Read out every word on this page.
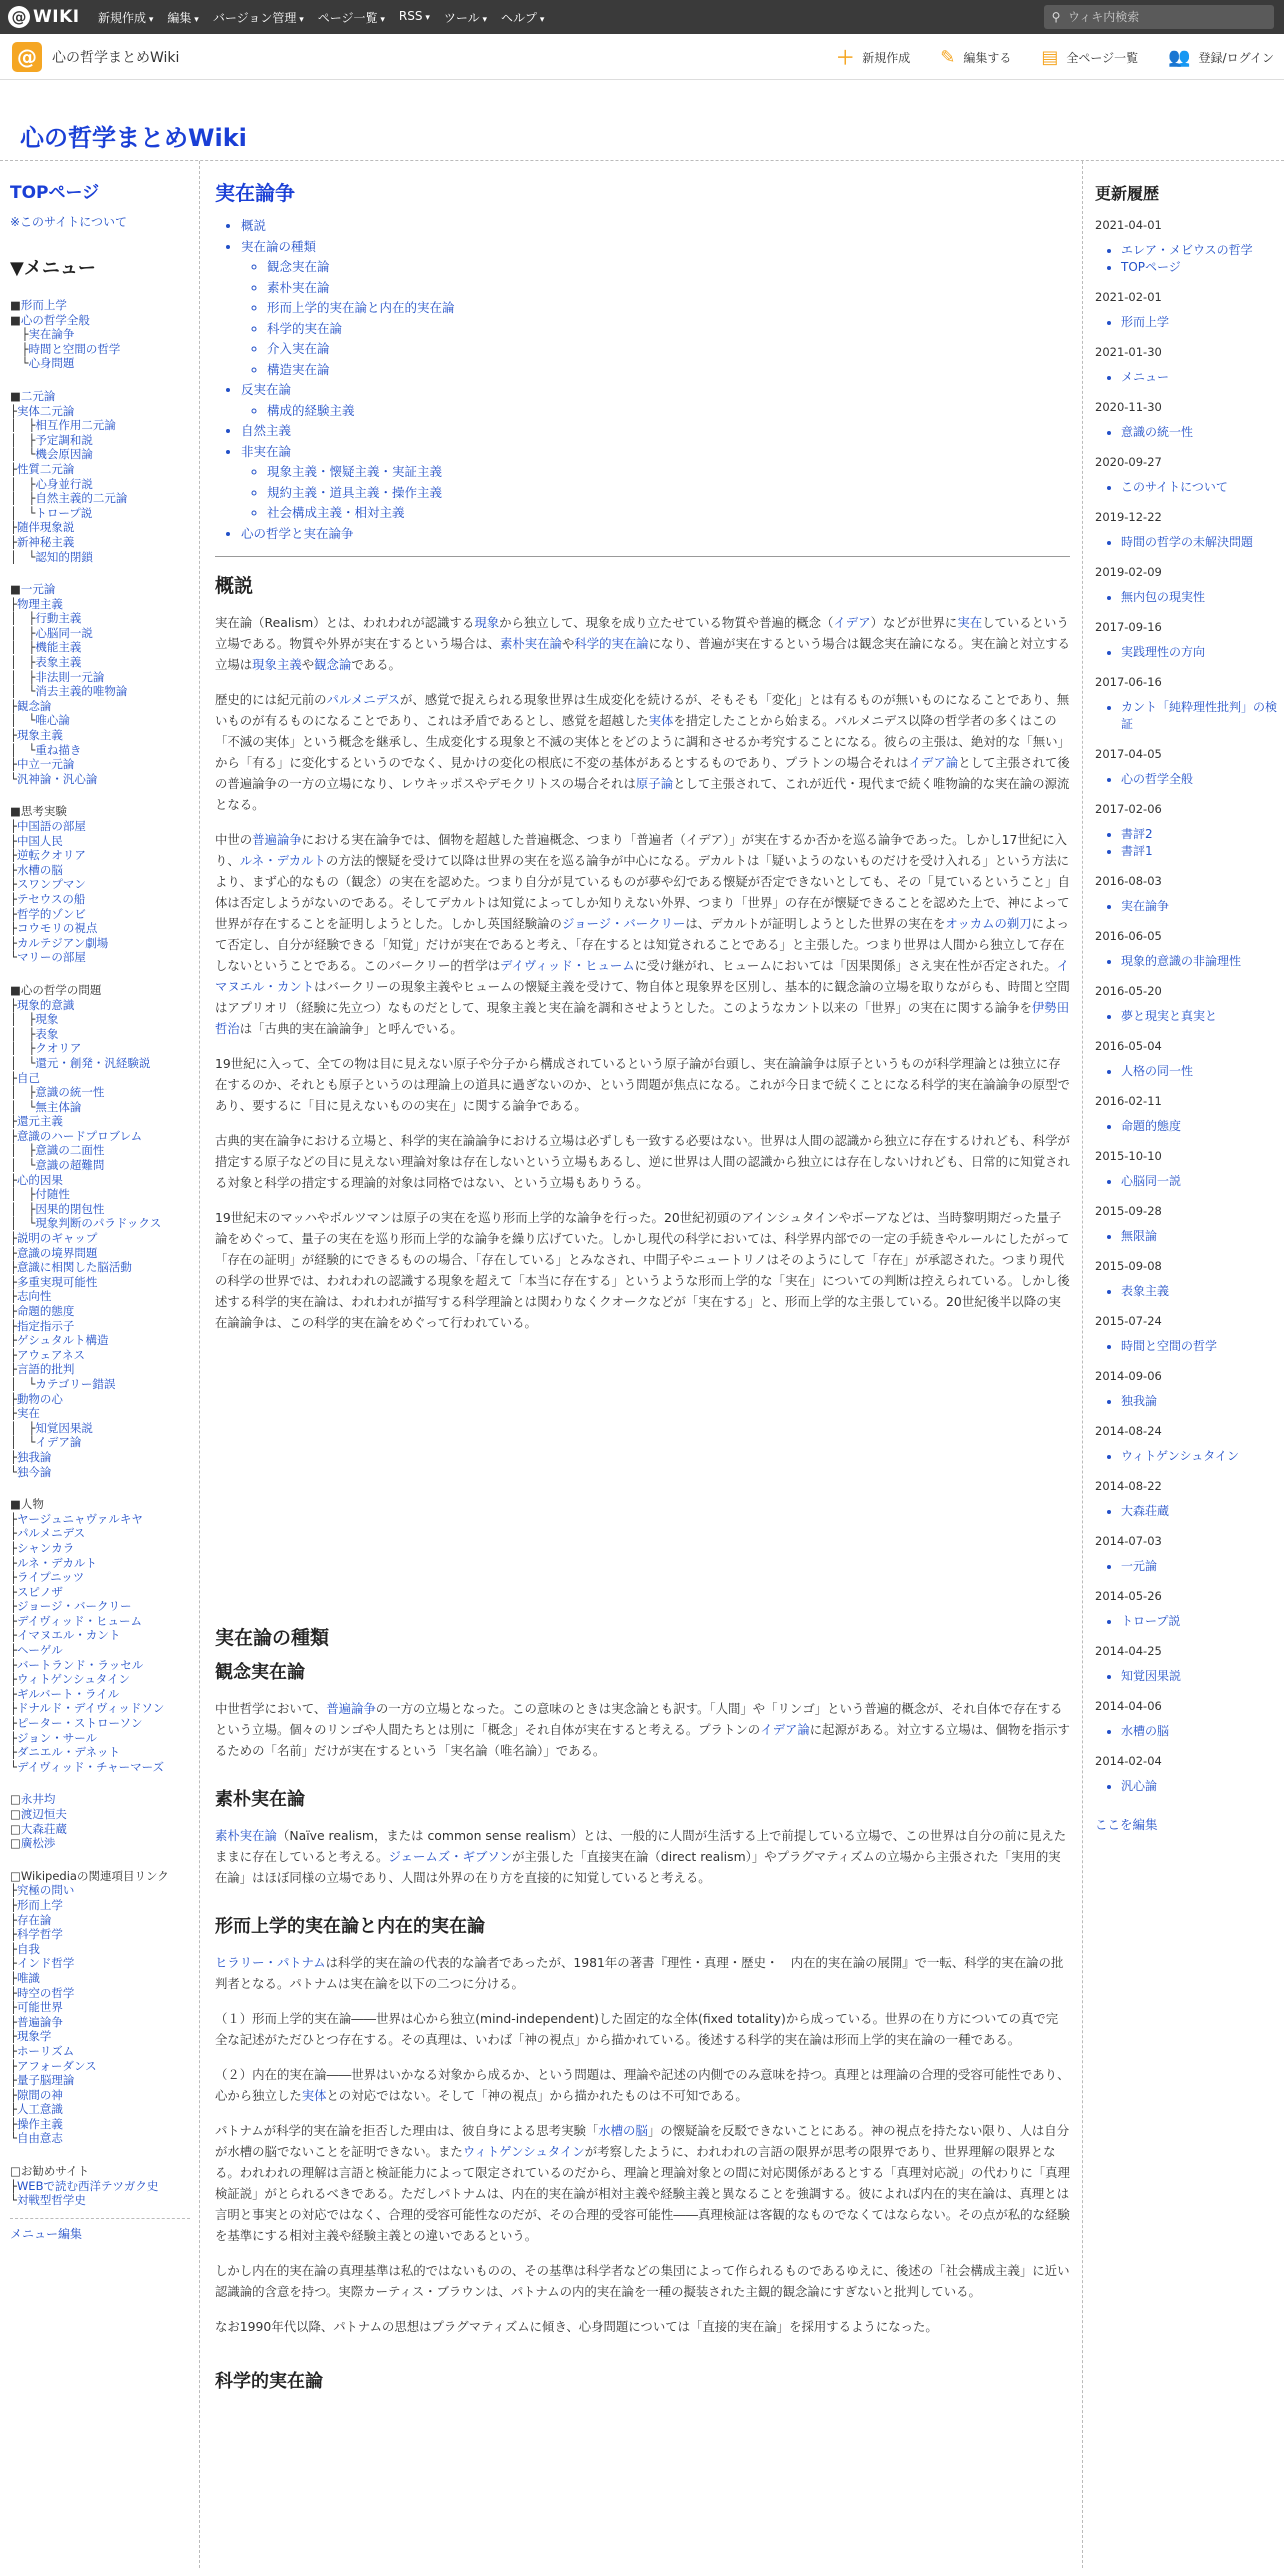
@ WIKI 新規作成 ▾	編集 ▾	バージョン管理 ▾	ページ一覧 ▾	RSS ▾	ツール ▾	ヘルプ ▾	⚲
ウィキ内検索
@	心の哲学まとめWiki	＋ 新規作成 ✎ 編集する ▤ 全ページ一覧 👥 登録/ログイン
心の哲学まとめWiki
TOPページ
※このサイトについて
▼メニュー
■形而上学
■心の哲学全般
　├実在論争
　├時間と空間の哲学
　└心身問題
■二元論
├実体二元論
│　├相互作用二元論
│　├予定調和説
│　└機会原因論
├性質二元論
│　├心身並行説
│　├自然主義的二元論
│　└トロープ説
├随伴現象説
├新神秘主義
│　└認知的閉鎖
■一元論
├物理主義
│　├行動主義
│　├心脳同一説
│　├機能主義
│　├表象主義
│　├非法則一元論
│　└消去主義的唯物論
├観念論
│　└唯心論
├現象主義
│　└重ね描き
├中立一元論
└汎神論・汎心論
■思考実験
├中国語の部屋
├中国人民
├逆転クオリア
├水槽の脳
├スワンプマン
├テセウスの船
├哲学的ゾンビ
├コウモリの視点
├カルテジアン劇場
└マリーの部屋
■心の哲学の問題
├現象的意識
│　├現象
│　├表象
│　├クオリア
│　└還元・創発・汎経験説
├自己
│　├意識の統一性
│　└無主体論
├還元主義
├意識のハードプロブレム
│　├意識の二面性
│　└意識の超難問
├心的因果
│　├付随性
│　├因果的閉包性
│　└現象判断のパラドックス
├説明のギャップ
├意識の境界問題
├意識に相関した脳活動
├多重実現可能性
├志向性
├命題的態度
├指定指示子
├ゲシュタルト構造
├アウェアネス
├言語的批判
│　└カテゴリー錯誤
├動物の心
├実在
│　├知覚因果説
│　└イデア論
├独我論
└独今論
■人物
├ヤージュニャヴァルキヤ
├パルメニデス
├シャンカラ
├ルネ・デカルト
├ライプニッツ
├スピノザ
├ジョージ・バークリー
├デイヴィッド・ヒューム
├イマヌエル・カント
├ヘーゲル
├バートランド・ラッセル
├ウィトゲンシュタイン
├ギルバート・ライル
├ドナルド・デイヴィッドソン
├ピーター・ストローソン
├ジョン・サール
├ダニエル・デネット
└デイヴィッド・チャーマーズ
□永井均
□渡辺恒夫
□大森荘蔵
□廣松渉
□Wikipediaの関連項目リンク
├究極の問い
├形而上学
├存在論
├科学哲学
├自我
├インド哲学
├唯識
├時空の哲学
├可能世界
├普遍論争
├現象学
├ホーリズム
├アフォーダンス
├量子脳理論
├隙間の神
├人工意識
├操作主義
└自由意志
□お勧めサイト
├WEBで読む西洋テツガク史
└対戦型哲学史
メニュー編集
実在論争
• 概説
• 実在論の種類
◦ 観念実在論
◦ 素朴実在論
◦ 形而上学的実在論と内在的実在論
◦ 科学的実在論
◦ 介入実在論
◦ 構造実在論
• 反実在論
◦ 構成的経験主義
• 自然主義
• 非実在論
◦ 現象主義・懐疑主義・実証主義
◦ 規約主義・道具主義・操作主義
◦ 社会構成主義・相対主義
• 心の哲学と実在論争
概説
実在論（Realism）とは、われわれが認識する現象から独立して、現象を成り立たせている物質や普遍的概念（イデア）などが世界に実在しているという立場である。物質や外界が実在するという場合は、素朴実在論や科学的実在論になり、普遍が実在するという場合は観念実在論になる。実在論と対立する立場は現象主義や観念論である。
歴史的には紀元前のパルメニデスが、感覚で捉えられる現象世界は生成変化を続けるが、そもそも「変化」とは有るものが無いものになることであり、無いものが有るものになることであり、これは矛盾であるとし、感覚を超越した実体を措定したことから始まる。パルメニデス以降の哲学者の多くはこの「不滅の実体」という概念を継承し、生成変化する現象と不滅の実体とをどのように調和させるか考究することになる。彼らの主張は、絶対的な「無い」から「有る」に変化するというのでなく、見かけの変化の根底に不変の基体があるとするものであり、プラトンの場合それはイデア論として主張されて後の普遍論争の一方の立場になり、レウキッポスやデモクリトスの場合それは原子論として主張されて、これが近代・現代まで続く唯物論的な実在論の源流となる。
中世の普遍論争における実在論争では、個物を超越した普遍概念、つまり「普遍者（イデア）」が実在するか否かを巡る論争であった。しかし17世紀に入り、ルネ・デカルトの方法的懐疑を受けて以降は世界の実在を巡る論争が中心になる。デカルトは「疑いようのないものだけを受け入れる」という方法により、まず心的なもの（観念）の実在を認めた。つまり自分が見ているものが夢や幻である懐疑が否定できないとしても、その「見ているということ」自体は否定しようがないのである。そしてデカルトは知覚によってしか知りえない外界、つまり「世界」の存在が懐疑できることを認めた上で、神によって世界が存在することを証明しようとした。しかし英国経験論のジョージ・バークリーは、デカルトが証明しようとした世界の実在をオッカムの剃刀によって否定し、自分が経験できる「知覚」だけが実在であると考え、「存在するとは知覚されることである」と主張した。つまり世界は人間から独立して存在しないということである。このバークリー的哲学はデイヴィッド・ヒュームに受け継がれ、ヒュームにおいては「因果関係」さえ実在性が否定された。イマヌエル・カントはバークリーの現象主義やヒュームの懐疑主義を受けて、物自体と現象界を区別し、基本的に観念論の立場を取りながらも、時間と空間はアプリオリ（経験に先立つ）なものだとして、現象主義と実在論を調和させようとした。このようなカント以来の「世界」の実在に関する論争を伊勢田哲治は「古典的実在論論争」と呼んでいる。
19世紀に入って、全ての物は目に見えない原子や分子から構成されているという原子論が台頭し、実在論論争は原子というものが科学理論とは独立に存在するのか、それとも原子というのは理論上の道具に過ぎないのか、という問題が焦点になる。これが今日まで続くことになる科学的実在論論争の原型であり、要するに「目に見えないものの実在」に関する論争である。
古典的実在論争における立場と、科学的実在論論争における立場は必ずしも一致する必要はない。世界は人間の認識から独立に存在するけれども、科学が措定する原子などの目に見えない理論対象は存在しないという立場もあるし、逆に世界は人間の認識から独立には存在しないけれども、日常的に知覚される対象と科学の措定する理論的対象は同格ではない、という立場もありうる。
19世紀末のマッハやボルツマンは原子の実在を巡り形而上学的な論争を行った。20世紀初頭のアインシュタインやボーアなどは、当時黎明期だった量子論をめぐって、量子の実在を巡り形而上学的な論争を繰り広げていた。しかし現代の科学においては、科学界内部での一定の手続きやルールにしたがって「存在の証明」が経験的にできるものの場合、「存在している」とみなされ、中間子やニュートリノはそのようにして「存在」が承認された。つまり現代の科学の世界では、われわれの認識する現象を超えて「本当に存在する」というような形而上学的な「実在」についての判断は控えられている。しかし後述する科学的実在論は、われわれが描写する科学理論とは関わりなくクオークなどが「実在する」と、形而上学的な主張している。20世紀後半以降の実在論論争は、この科学的実在論をめぐって行われている。
実在論の種類
観念実在論
中世哲学において、普遍論争の一方の立場となった。この意味のときは実念論とも訳す。「人間」や「リンゴ」という普遍的概念が、それ自体で存在するという立場。個々のリンゴや人間たちとは別に「概念」それ自体が実在すると考える。プラトンのイデア論に起源がある。対立する立場は、個物を指示するための「名前」だけが実在するという「実名論（唯名論）」である。
素朴実在論
素朴実在論（Naï‍ve realism，または common sense realism）とは、一般的に人間が生活する上で前提している立場で、この世界は自分の前に見えたままに存在していると考える。ジェームズ・ギブソンが主張した「直接実在論（direct realism）」やプラグマティズムの立場から主張された「実用的実在論」はほぼ同様の立場であり、人間は外界の在り方を直接的に知覚していると考える。
形而上学的実在論と内在的実在論
ヒラリー・パトナムは科学的実在論の代表的な論者であったが、1981年の著書『理性・真理・歴史・　内在的実在論の展開』で一転、科学的実在論の批判者となる。パトナムは実在論を以下の二つに分ける。
（１）形而上学的実在論――世界は心から独立(mind-independent)した固定的な全体(fixed totality)から成っている。世界の在り方についての真で完全な記述がただひとつ存在する。その真理は、いわば「神の視点」から描かれている。後述する科学的実在論は形而上学的実在論の一種である。
（２）内在的実在論――世界はいかなる対象から成るか、という問題は、理論や記述の内側でのみ意味を持つ。真理とは理論の合理的受容可能性であり、心から独立した実体との対応ではない。そして「神の視点」から描かれたものは不可知である。
パトナムが科学的実在論を拒否した理由は、彼自身による思考実験「水槽の脳」の懐疑論を反駁できないことにある。神の視点を持たない限り、人は自分が水槽の脳でないことを証明できない。またウィトゲンシュタインが考察したように、われわれの言語の限界が思考の限界であり、世界理解の限界となる。われわれの理解は言語と検証能力によって限定されているのだから、理論と理論対象との間に対応関係があるとする「真理対応説」の代わりに「真理検証説」がとられるべきである。ただしパトナムは、内在的実在論が相対主義や経験主義と異なることを強調する。彼によれば内在的実在論は、真理とは言明と事実との対応ではなく、合理的受容可能性なのだが、その合理的受容可能性――真理検証は客観的なものでなくてはならない。その点が私的な経験を基準にする相対主義や経験主義との違いであるという。
しかし内在的実在論の真理基準は私的ではないものの、その基準は科学者などの集団によって作られるものであるゆえに、後述の「社会構成主義」に近い認識論的含意を持つ。実際カーティス・ブラウンは、パトナムの内的実在論を一種の擬装された主観的観念論にすぎないと批判している。
なお1990年代以降、パトナムの思想はプラグマティズムに傾き、心身問題については「直接的実在論」を採用するようになった。
科学的実在論
更新履歴
2021-04-01
• エレア・メビウスの哲学
• TOPページ
2021-02-01
• 形而上学
2021-01-30
• メニュー
2020-11-30
• 意識の統一性
2020-09-27
• このサイトについて
2019-12-22
• 時間の哲学の未解決問題
2019-02-09
• 無内包の現実性
2017-09-16
• 実践理性の方向
2017-06-16
• カント「純粋理性批判」の検証
2017-04-05
• 心の哲学全般
2017-02-06
• 書評2
• 書評1
2016-08-03
• 実在論争
2016-06-05
• 現象的意識の非論理性
2016-05-20
• 夢と現実と真実と
2016-05-04
• 人格の同一性
2016-02-11
• 命題的態度
2015-10-10
• 心脳同一説
2015-09-28
• 無限論
2015-09-08
• 表象主義
2015-07-24
• 時間と空間の哲学
2014-09-06
• 独我論
2014-08-24
• ウィトゲンシュタイン
2014-08-22
• 大森荘蔵
2014-07-03
• 一元論
2014-05-26
• トロープ説
2014-04-25
• 知覚因果説
2014-04-06
• 水槽の脳
2014-02-04
• 汎心論
ここを編集
